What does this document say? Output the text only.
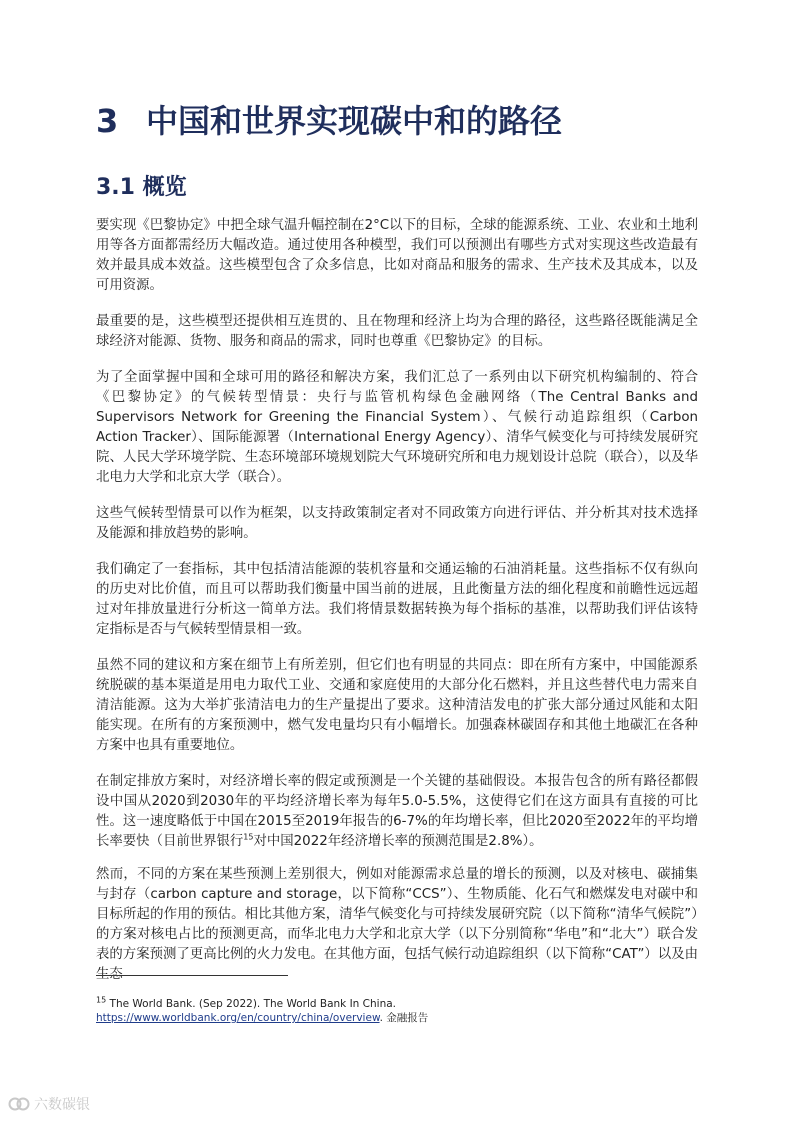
3 中国和世界实现碳中和的路径
3.1 概览

要实现《巴黎协定》中把全球气温升幅控制在2°C以下的目标，全球的能源系统、工业、农业和土地利用等各方面都需经历大幅改造。通过使用各种模型，我们可以预测出有哪些方式对实现这些改造最有效并最具成本效益。这些模型包含了众多信息，比如对商品和服务的需求、生产技术及其成本，以及可用资源。

最重要的是，这些模型还提供相互连贯的、且在物理和经济上均为合理的路径，这些路径既能满足全球经济对能源、货物、服务和商品的需求，同时也尊重《巴黎协定》的目标。

为了全面掌握中国和全球可用的路径和解决方案，我们汇总了一系列由以下研究机构编制的、符合《巴黎协定》的气候转型情景：央行与监管机构绿色金融网络（The Central Banks and Supervisors Network for Greening the Financial System）、气候行动追踪组织（Carbon Action Tracker）、国际能源署（International Energy Agency）、清华气候变化与可持续发展研究院、人民大学环境学院、生态环境部环境规划院大气环境研究所和电力规划设计总院（联合），以及华北电力大学和北京大学（联合）。

这些气候转型情景可以作为框架，以支持政策制定者对不同政策方向进行评估、并分析其对技术选择及能源和排放趋势的影响。

我们确定了一套指标，其中包括清洁能源的装机容量和交通运输的石油消耗量。这些指标不仅有纵向的历史对比价值，而且可以帮助我们衡量中国当前的进展，且此衡量方法的细化程度和前瞻性远远超过对年排放量进行分析这一简单方法。我们将情景数据转换为每个指标的基准，以帮助我们评估该特定指标是否与气候转型情景相一致。

虽然不同的建议和方案在细节上有所差别，但它们也有明显的共同点：即在所有方案中，中国能源系统脱碳的基本渠道是用电力取代工业、交通和家庭使用的大部分化石燃料，并且这些替代电力需来自清洁能源。这为大举扩张清洁电力的生产量提出了要求。这种清洁发电的扩张大部分通过风能和太阳能实现。在所有的方案预测中，燃气发电量均只有小幅增长。加强森林碳固存和其他土地碳汇在各种方案中也具有重要地位。

在制定排放方案时，对经济增长率的假定或预测是一个关键的基础假设。本报告包含的所有路径都假设中国从2020到2030年的平均经济增长率为每年5.0-5.5%，这使得它们在这方面具有直接的可比性。这一速度略低于中国在2015至2019年报告的6-7%的年均增长率，但比2020至2022年的平均增长率要快（目前世界银行$^{15}$对中国2022年经济增长率的预测范围是2.8%）。

然而，不同的方案在某些预测上差别很大，例如对能源需求总量的增长的预测，以及对核电、碳捕集与封存（carbon capture and storage，以下简称“CCS”）、生物质能、化石气和燃煤发电对碳中和目标所起的作用的预估。相比其他方案，清华气候变化与可持续发展研究院（以下简称“清华气候院”）的方案对核电占比的预测更高，而华北电力大学和北京大学（以下分别简称“华电”和“北大”）联合发表的方案预测了更高比例的火力发电。在其他方面，包括气候行动追踪组织（以下简称“CAT”）以及由生态

$^{15}$ The World Bank. (Sep 2022). The World Bank In China.
https://www.worldbank.org/en/country/china/overview. 金融报告
六数碳银
